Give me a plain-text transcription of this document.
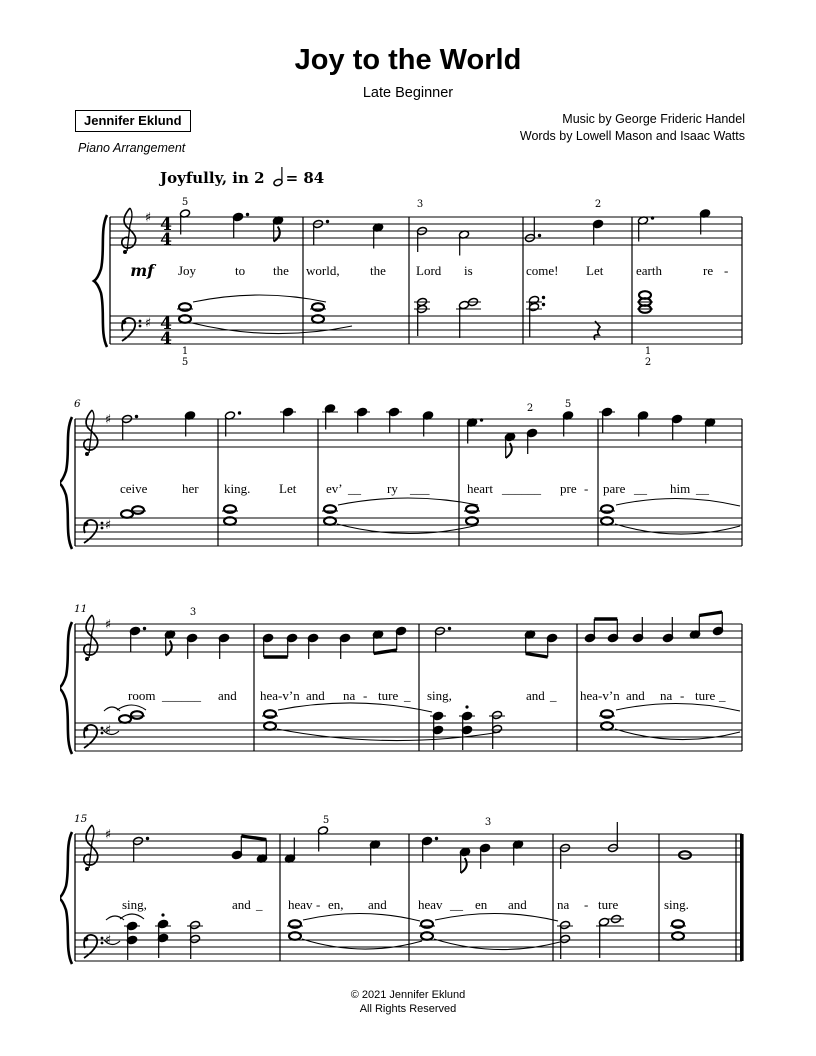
Joy to the World
Late Beginner
Jennifer Eklund
Piano Arrangement
Music by George Frideric Handel
Words by Lowell Mason and Isaac Watts
Joyfully, in 2 = 84
♯
♯
4
4
4
4
Joy	to the world, the Lord is	come! Let	earth	re -
mf
5	3	2
1
5
1
2
♯
♯
6
ceive	her king. Let ev’ __ ry ___	heart ______ pre - pare __ him __
2	5
♯
♯
11
room ______ and hea-v’n and na - ture _ sing,	and _ hea-v’n and na - ture _
3
♯
♯
15
sing,	and _ heav - en, and heav __ en and na - ture	sing.
5	3
© 2021 Jennifer Eklund
All Rights Reserved
